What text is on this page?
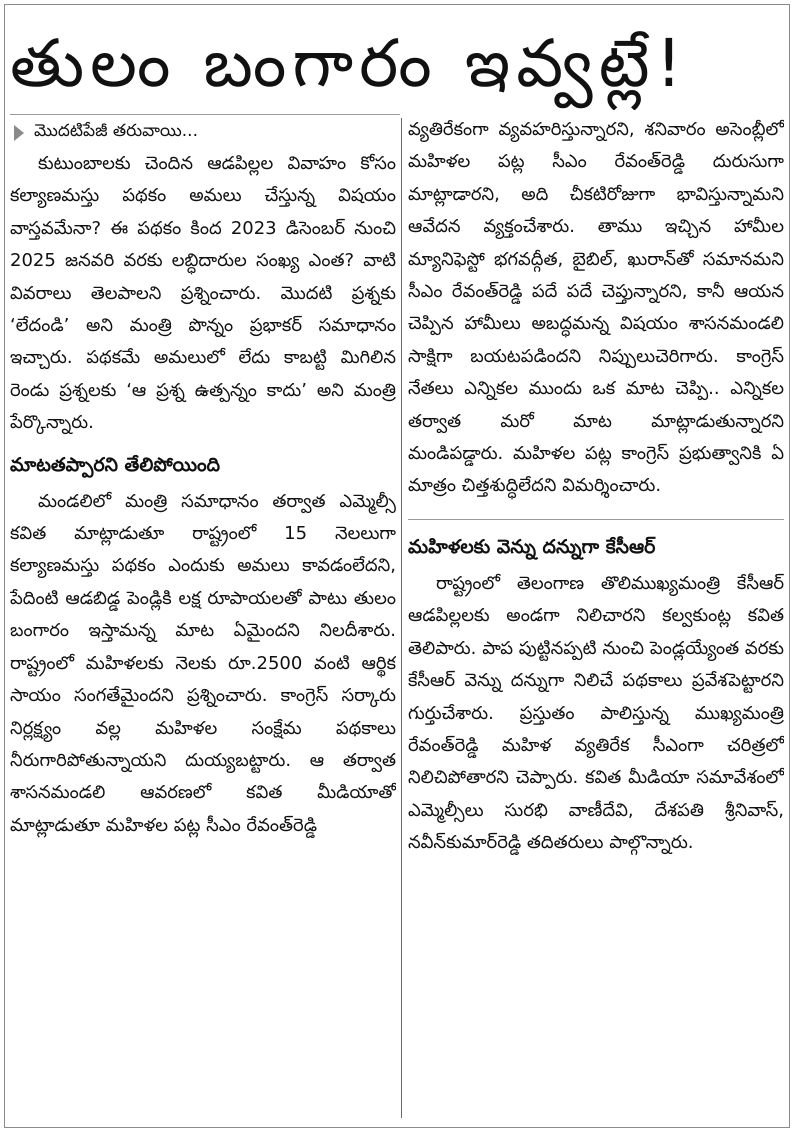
తులం బంగారం ఇవ్వట్లే!
మొదటిపేజీ తరువాయి...

కుటుంబాలకు చెందిన ఆడపిల్లల వివాహం కోసం కల్యాణమస్తు పథకం అమలు చేస్తున్న విషయం వాస్తవమేనా? ఈ పథకం కింద 2023 డిసెంబర్ నుంచి 2025 జనవరి వరకు లబ్ధిదారుల సంఖ్య ఎంత? వాటి వివరాలు తెలపాలని ప్రశ్నించారు. మొదటి ప్రశ్నకు ‘లేదండి’ అని మంత్రి పొన్నం ప్రభాకర్ సమాధానం ఇచ్చారు. పథకమే అమలులో లేదు కాబట్టి మిగిలిన రెండు ప్రశ్నలకు ‘ఆ ప్రశ్న ఉత్పన్నం కాదు’ అని మంత్రి పేర్కొన్నారు.

మాటతప్పారని తేలిపోయింది

మండలిలో మంత్రి సమాధానం తర్వాత ఎమ్మెల్సీ కవిత మాట్లాడుతూ రాష్ట్రంలో 15 నెలలుగా కల్యాణమస్తు పథకం ఎందుకు అమలు కావడంలేదని, పేదింటి ఆడబిడ్డ పెండ్లికి లక్ష రూపాయలతో పాటు తులం బంగారం ఇస్తామన్న మాట ఏమైందని నిలదీశారు. రాష్ట్రంలో మహిళలకు నెలకు రూ.2500 వంటి ఆర్థిక సాయం సంగతేమైందని ప్రశ్నించారు. కాంగ్రెస్ సర్కారు నిర్లక్ష్యం వల్ల మహిళల సంక్షేమ పథకాలు నీరుగారిపోతున్నాయని దుయ్యబట్టారు. ఆ తర్వాత శాసనమండలి ఆవరణలో కవిత మీడియాతో మాట్లాడుతూ మహిళల పట్ల సీఎం రేవంత్‌రెడ్డి

వ్యతిరేకంగా వ్యవహరిస్తున్నారని, శనివారం అసెంబ్లీలో మహిళల పట్ల సీఎం రేవంత్‌రెడ్డి దురుసుగా మాట్లాడారని, అది చీకటిరోజుగా భావిస్తున్నామని ఆవేదన వ్యక్తంచేశారు. తాము ఇచ్చిన హామీల మ్యానిఫెస్టో భగవద్గీత, బైబిల్, ఖురాన్‌తో సమానమని సీఎం రేవంత్‌రెడ్డి పదే పదే చెప్తున్నారని, కానీ ఆయన చెప్పిన హామీలు అబద్ధమన్న విషయం శాసనమండలి సాక్షిగా బయటపడిందని నిప్పులుచెరిగారు. కాంగ్రెస్ నేతలు ఎన్నికల ముందు ఒక మాట చెప్పి.. ఎన్నికల తర్వాత మరో మాట మాట్లాడుతున్నారని మండిపడ్డారు. మహిళల పట్ల కాంగ్రెస్ ప్రభుత్వానికి ఏ మాత్రం చిత్తశుద్ధిలేదని విమర్శించారు.

మహిళలకు వెన్ను దన్నుగా కేసీఆర్

రాష్ట్రంలో తెలంగాణ తొలిముఖ్యమంత్రి కేసీఆర్ ఆడపిల్లలకు అండగా నిలిచారని కల్వకుంట్ల కవిత తెలిపారు. పాప పుట్టినప్పటి నుంచి పెండ్లయ్యేంత వరకు కేసీఆర్ వెన్ను దన్నుగా నిలిచే పథకాలు ప్రవేశపెట్టారని గుర్తుచేశారు. ప్రస్తుతం పాలిస్తున్న ముఖ్యమంత్రి రేవంత్‌రెడ్డి మహిళ వ్యతిరేక సీఎంగా చరిత్రలో నిలిచిపోతారని చెప్పారు. కవిత మీడియా సమావేశంలో ఎమ్మెల్సీలు సురభి వాణీదేవి, దేశపతి శ్రీనివాస్, నవీన్‌కుమార్‌రెడ్డి తదితరులు పాల్గొన్నారు.
